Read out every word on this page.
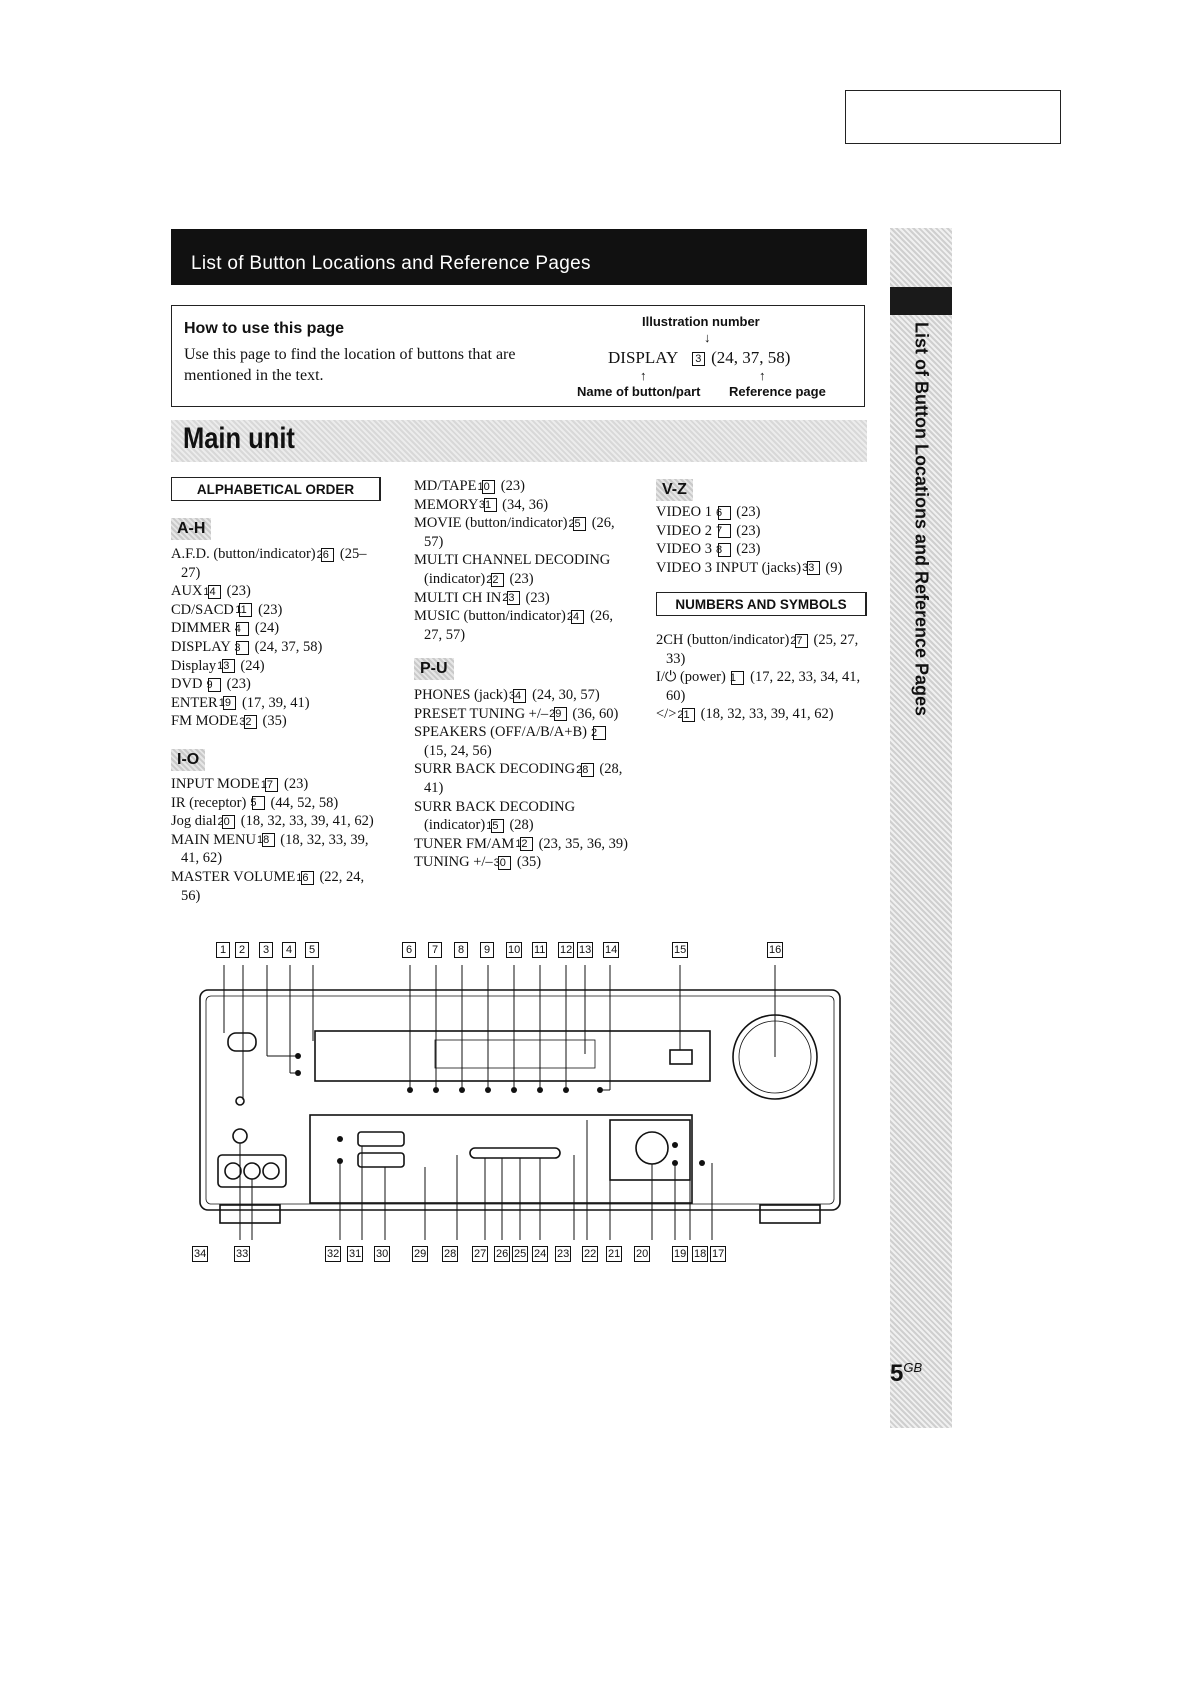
List of Button Locations and Reference Pages
How to use this page
Use this page to find the location of buttons that are mentioned in the text.
Illustration number
↓
DISPLAY 3 (24, 37, 58)
↑	↑
Name of button/part Reference page
Main unit
ALPHABETICAL ORDER
A-H
A.F.D. (button/indicator) 26 (25–27)
AUX 14 (23)
CD/SACD 11 (23)
DIMMER 4 (24)
DISPLAY 3 (24, 37, 58)
Display 13 (24)
DVD 9 (23)
ENTER 19 (17, 39, 41)
FM MODE 32 (35)
I-O
INPUT MODE 17 (23)
IR (receptor) 5 (44, 52, 58)
Jog dial 20 (18, 32, 33, 39, 41, 62)
MAIN MENU 18 (18, 32, 33, 39, 41, 62)
MASTER VOLUME 16 (22, 24, 56)
MD/TAPE 10 (23)
MEMORY 31 (34, 36)
MOVIE (button/indicator) 25 (26, 57)
MULTI CHANNEL DECODING (indicator) 22 (23)
MULTI CH IN 23 (23)
MUSIC (button/indicator) 24 (26, 27, 57)
P-U
PHONES (jack) 34 (24, 30, 57)
PRESET TUNING +/– 29 (36, 60)
SPEAKERS (OFF/A/B/A+B) 2 (15, 24, 56)
SURR BACK DECODING 28 (28, 41)
SURR BACK DECODING (indicator) 15 (28)
TUNER FM/AM 12 (23, 35, 36, 39)
TUNING +/– 30 (35)
V-Z
VIDEO 1 6 (23)
VIDEO 2 7 (23)
VIDEO 3 8 (23)
VIDEO 3 INPUT (jacks) 33 (9)
NUMBERS AND SYMBOLS
2CH (button/indicator) 27 (25, 27, 33)
I/⏻ (power) 1 (17, 22, 33, 34, 41, 60)
</> 21 (18, 32, 33, 39, 41, 62)
1	2	3	4	5	6	7	8	9	10 11 12 13 14	15	16
34	33	32 31 30 29 28 27 26 25 24 23 22 21 20 19 18 17
List of Button Locations and Reference Pages
$5^{GB}$
